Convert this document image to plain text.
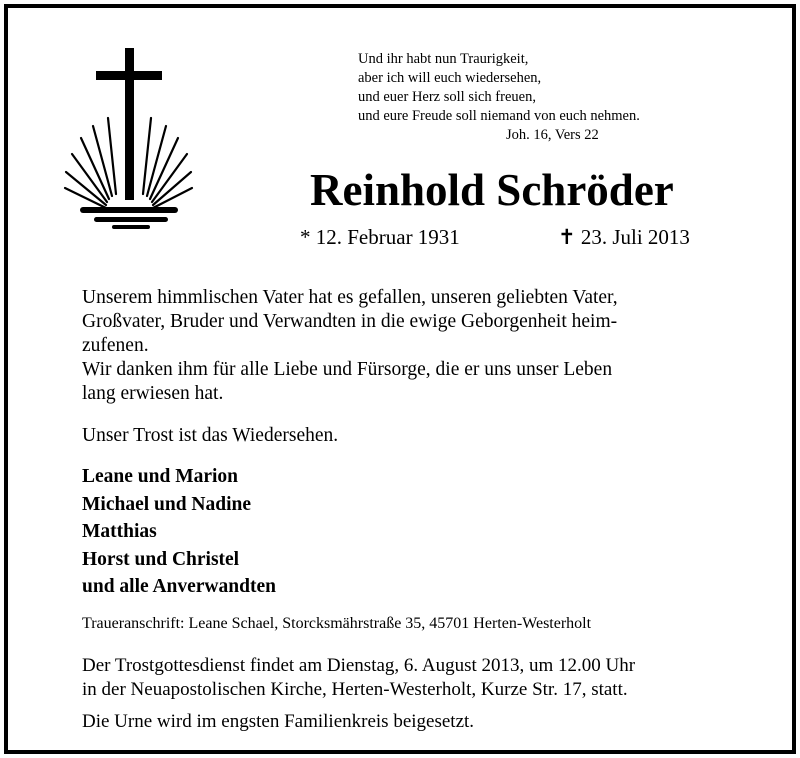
Und ihr habt nun Traurigkeit,
aber ich will euch wiedersehen,
und euer Herz soll sich freuen,
und eure Freude soll niemand von euch nehmen.
Joh. 16, Vers 22
Reinhold Schröder
* 12. Februar 1931	✝ 23. Juli 2013
Unserem himmlischen Vater hat es gefallen, unseren geliebten Vater,
Großvater, Bruder und Verwandten in die ewige Geborgenheit heim-
zufenen.
Wir danken ihm für alle Liebe und Fürsorge, die er uns unser Leben
lang erwiesen hat.
Unser Trost ist das Wiedersehen.
Leane und Marion
Michael und Nadine
Matthias
Horst und Christel
und alle Anverwandten
Traueranschrift: Leane Schael, Storcksmährstraße 35, 45701 Herten-Westerholt
Der Trostgottesdienst findet am Dienstag, 6. August 2013, um 12.00 Uhr
in der Neuapostolischen Kirche, Herten-Westerholt, Kurze Str. 17, statt.
Die Urne wird im engsten Familienkreis beigesetzt.
